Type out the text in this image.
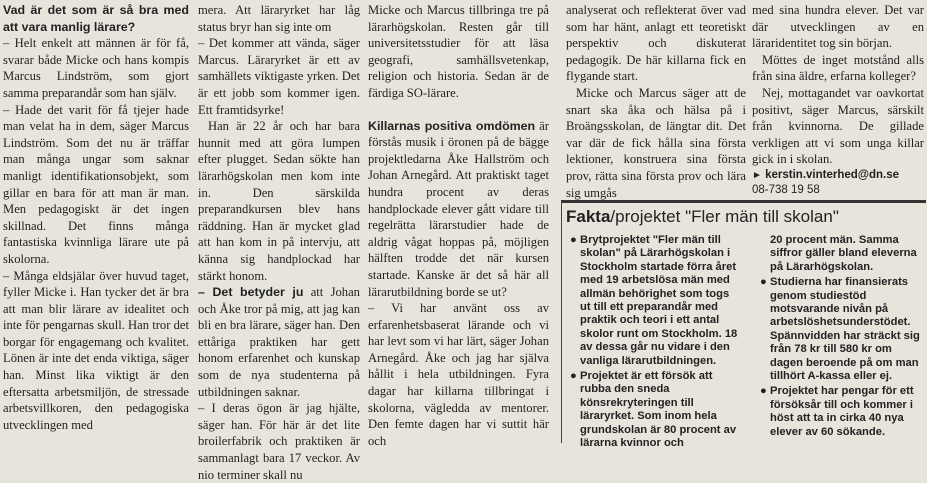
Vad är det som är så bra med att vara manlig lärare?

– Helt enkelt att männen är för få, svarar både Micke och hans kompis Marcus Lindström, som gjort samma preparandår som han själv.

– Hade det varit för få tjejer hade man velat ha in dem, säger Marcus Lindström. Som det nu är träffar man många ungar som saknar manligt identifikationsobjekt, som gillar en bara för att man är man. Men pedagogiskt är det ingen skillnad. Det finns många fantastiska kvinnliga lärare ute på skolorna.

– Många eldsjälar över huvud taget, fyller Micke i. Han tycker det är bra att man blir lärare av idealitet och inte för pengarnas skull. Han tror det borgar för engagemang och kvalitet. Lönen är inte det enda viktiga, säger han. Minst lika viktigt är den eftersatta arbetsmiljön, de stressade arbetsvillkoren, den pedagogiska utvecklingen med

mera. Att läraryrket har låg status bryr han sig inte om

– Det kommer att vända, säger Marcus. Läraryrket är ett av samhällets viktigaste yrken. Det är ett jobb som kommer igen. Ett framtidsyrke!

Han är 22 år och har bara hunnit med att göra lumpen efter plugget. Sedan sökte han lärarhögskolan men kom inte in. Den särskilda preparandkursen blev hans räddning. Han är mycket glad att han kom in på intervju, att känna sig handplockad har stärkt honom.

– Det betyder ju att Johan och Åke tror på mig, att jag kan bli en bra lärare, säger han. Den ettåriga praktiken har gett honom erfarenhet och kunskap som de nya studenterna på utbildningen saknar.

– I deras ögon är jag hjälte, säger han. För här är det lite broilerfabrik och praktiken är sammanlagt bara 17 veckor. Av nio terminer skall nu

Micke och Marcus tillbringa tre på lärarhögskolan. Resten går till universitetsstudier för att läsa geografi, samhällsvetenkap, religion och historia. Sedan är de färdiga SO-lärare.

Killarnas positiva omdömen är förstås musik i öronen på de bägge projektledarna Åke Hallström och Johan Arnegård. Att praktiskt taget hundra procent av deras handplockade elever gått vidare till regelrätta lärarstudier hade de aldrig vågat hoppas på, möjligen hälften trodde det när kursen startade. Kanske är det så här all lärarutbildning borde se ut?

– Vi har använt oss av erfarenhetsbaserat lärande och vi har levt som vi har lärt, säger Johan Arnegård. Åke och jag har själva hållit i hela utbildningen. Fyra dagar har killarna tillbringat i skolorna, vägledda av mentorer. Den femte dagen har vi suttit här och

analyserat och reflekterat över vad som har hänt, anlagt ett teoretiskt perspektiv och diskuterat pedagogik. De här killarna fick en flygande start.

Micke och Marcus säger att de snart ska åka och hälsa på i Broängsskolan, de längtar dit. Det var där de fick hålla sina första lektioner, konstruera sina första prov, rätta sina första prov och lära sig umgås

med sina hundra elever. Det var där utvecklingen av en läraridentitet tog sin början.

Möttes de inget motstånd alls från sina äldre, erfarna kolleger?

Nej, mottagandet var oavkortat positivt, säger Marcus, särskilt från kvinnorna. De gillade verkligen att vi som unga killar gick in i skolan.

► kerstin.vinterhed@dn.se
08-738 19 58
Fakta/projektet "Fler män till skolan"

● Brytprojektet "Fler män till skolan" på Lärarhögskolan i Stockholm startade förra året med 19 arbetslösa män med allmän behörighet som togs ut till ett preparandår med praktik och teori i ett antal skolor runt om Stockholm. 18 av dessa går nu vidare i den vanliga lärarutbildningen.

● Projektet är ett försök att rubba den sneda könsrekryteringen till läraryrket. Som inom hela grundskolan är 80 procent av lärarna kvinnor och

20 procent män. Samma siffror gäller bland eleverna på Lärarhögskolan.

● Studierna har finansierats genom studiestöd motsvarande nivån på arbetslöshetsunderstödet. Spännvidden har sträckt sig från 78 kr till 580 kr om dagen beroende på om man tillhört A-kassa eller ej.

● Projektet har pengar för ett försöksår till och kommer i höst att ta in cirka 40 nya elever av 60 sökande.
